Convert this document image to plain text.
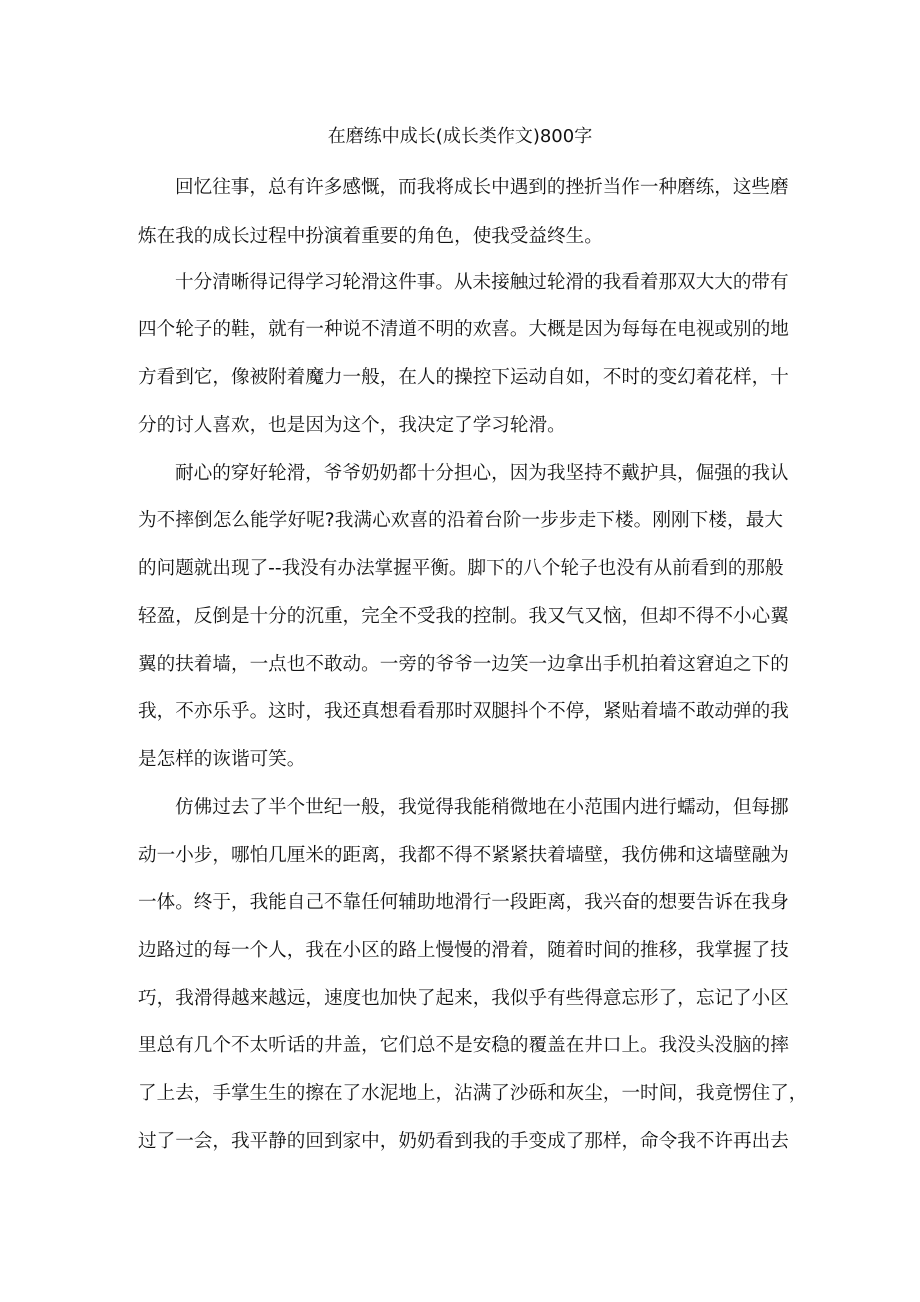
在磨练中成长(成长类作文)800字
回忆往事，总有许多感慨，而我将成长中遇到的挫折当作一种磨练，这些磨
炼在我的成长过程中扮演着重要的角色，使我受益终生。
十分清晰得记得学习轮滑这件事。从未接触过轮滑的我看着那双大大的带有
四个轮子的鞋，就有一种说不清道不明的欢喜。大概是因为每每在电视或别的地
方看到它，像被附着魔力一般，在人的操控下运动自如，不时的变幻着花样，十
分的讨人喜欢，也是因为这个，我决定了学习轮滑。
耐心的穿好轮滑，爷爷奶奶都十分担心，因为我坚持不戴护具，倔强的我认
为不摔倒怎么能学好呢?我满心欢喜的沿着台阶一步步走下楼。刚刚下楼，最大
的问题就出现了--我没有办法掌握平衡。脚下的八个轮子也没有从前看到的那般
轻盈，反倒是十分的沉重，完全不受我的控制。我又气又恼，但却不得不小心翼
翼的扶着墙，一点也不敢动。一旁的爷爷一边笑一边拿出手机拍着这窘迫之下的
我，不亦乐乎。这时，我还真想看看那时双腿抖个不停，紧贴着墙不敢动弹的我
是怎样的诙谐可笑。
仿佛过去了半个世纪一般，我觉得我能稍微地在小范围内进行蠕动，但每挪
动一小步，哪怕几厘米的距离，我都不得不紧紧扶着墙壁，我仿佛和这墙壁融为
一体。终于，我能自己不靠任何辅助地滑行一段距离，我兴奋的想要告诉在我身
边路过的每一个人，我在小区的路上慢慢的滑着，随着时间的推移，我掌握了技
巧，我滑得越来越远，速度也加快了起来，我似乎有些得意忘形了，忘记了小区
里总有几个不太听话的井盖，它们总不是安稳的覆盖在井口上。我没头没脑的摔
了上去，手掌生生的擦在了水泥地上，沾满了沙砾和灰尘，一时间，我竟愣住了，
过了一会，我平静的回到家中，奶奶看到我的手变成了那样，命令我不许再出去
